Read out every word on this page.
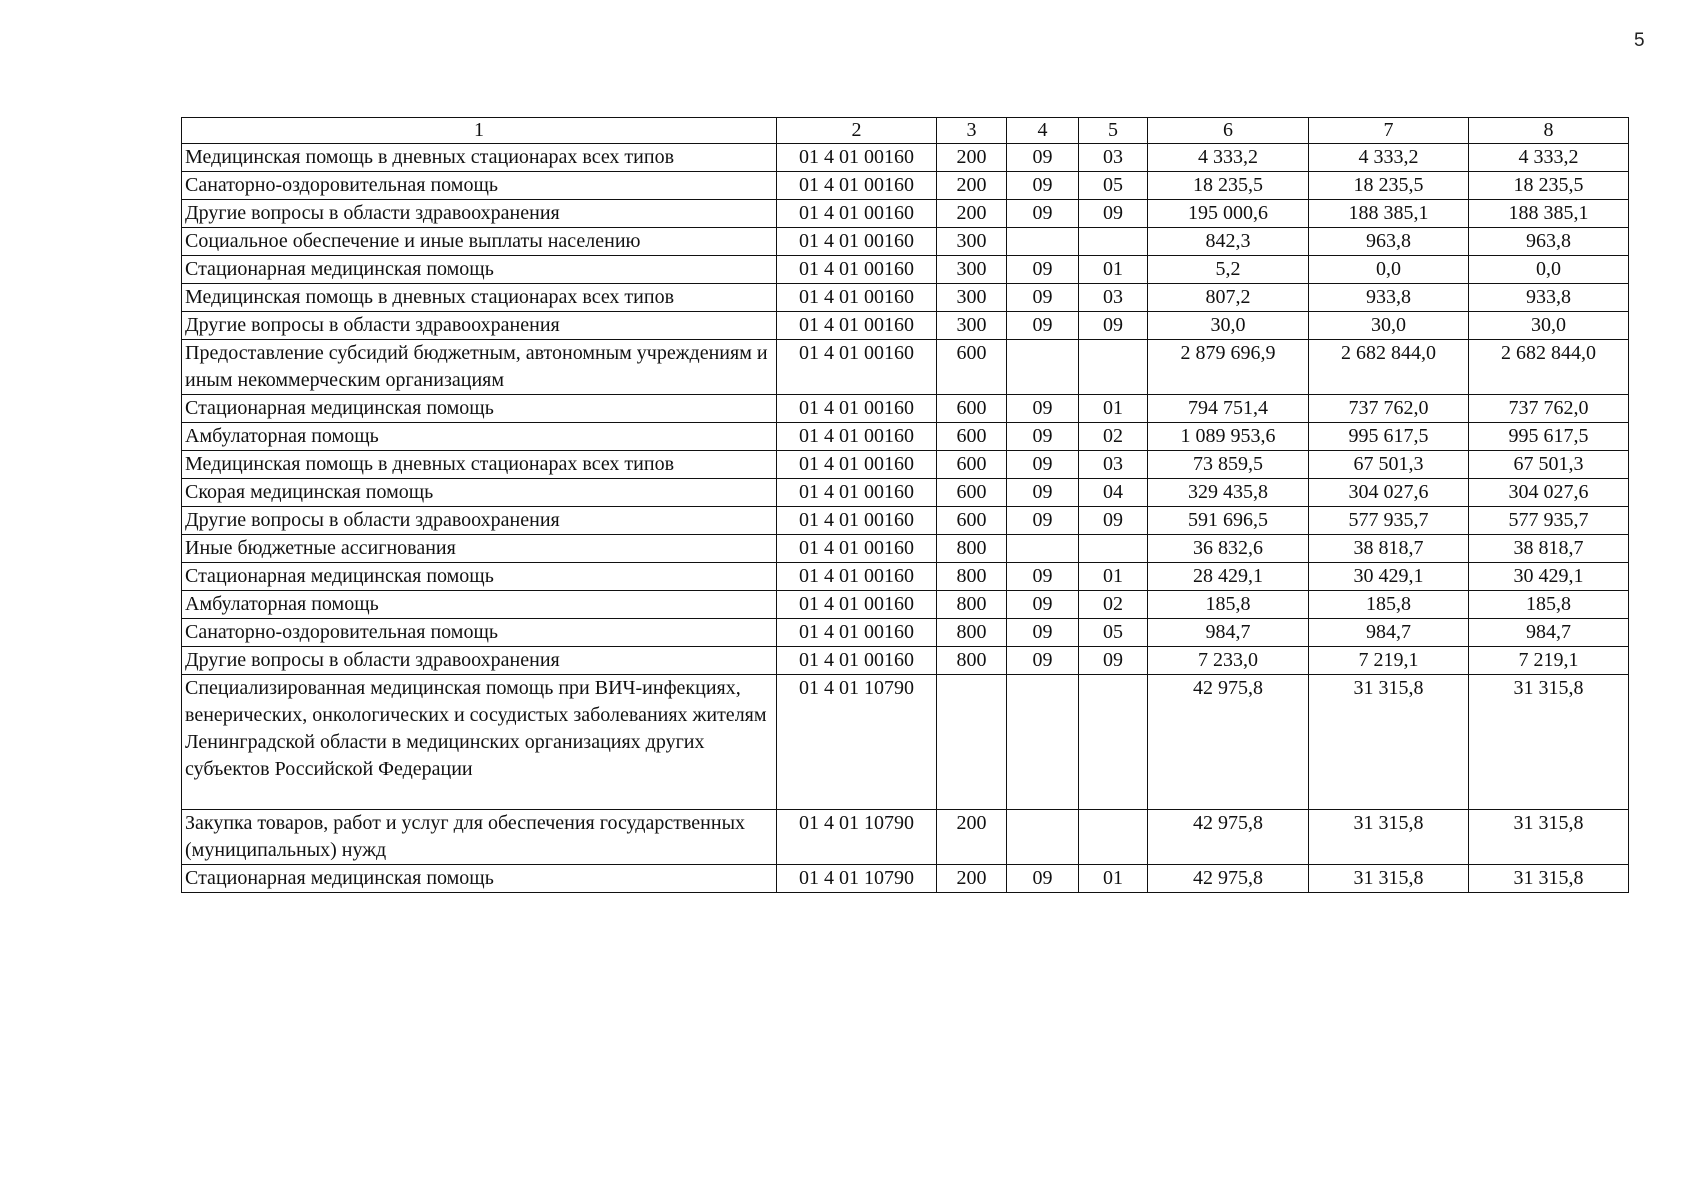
5
1	2	3	4	5	6	7	8
Медицинская помощь в дневных стационарах всех типов	01 4 01 00160	200	09	03	4 333,2	4 333,2	4 333,2
Санаторно-оздоровительная помощь	01 4 01 00160	200	09	05	18 235,5	18 235,5	18 235,5
Другие вопросы в области здравоохранения	01 4 01 00160	200	09	09	195 000,6	188 385,1	188 385,1
Социальное обеспечение и иные выплаты населению	01 4 01 00160	300			842,3	963,8	963,8
Стационарная медицинская помощь	01 4 01 00160	300	09	01	5,2	0,0	0,0
Медицинская помощь в дневных стационарах всех типов	01 4 01 00160	300	09	03	807,2	933,8	933,8
Другие вопросы в области здравоохранения	01 4 01 00160	300	09	09	30,0	30,0	30,0
Предоставление субсидий бюджетным, автономным учреждениям и иным некоммерческим организациям	01 4 01 00160	600			2 879 696,9	2 682 844,0	2 682 844,0
Стационарная медицинская помощь	01 4 01 00160	600	09	01	794 751,4	737 762,0	737 762,0
Амбулаторная помощь	01 4 01 00160	600	09	02	1 089 953,6	995 617,5	995 617,5
Медицинская помощь в дневных стационарах всех типов	01 4 01 00160	600	09	03	73 859,5	67 501,3	67 501,3
Скорая медицинская помощь	01 4 01 00160	600	09	04	329 435,8	304 027,6	304 027,6
Другие вопросы в области здравоохранения	01 4 01 00160	600	09	09	591 696,5	577 935,7	577 935,7
Иные бюджетные ассигнования	01 4 01 00160	800			36 832,6	38 818,7	38 818,7
Стационарная медицинская помощь	01 4 01 00160	800	09	01	28 429,1	30 429,1	30 429,1
Амбулаторная помощь	01 4 01 00160	800	09	02	185,8	185,8	185,8
Санаторно-оздоровительная помощь	01 4 01 00160	800	09	05	984,7	984,7	984,7
Другие вопросы в области здравоохранения	01 4 01 00160	800	09	09	7 233,0	7 219,1	7 219,1
Специализированная медицинская помощь при ВИЧ-инфекциях, венерических, онкологических и сосудистых заболеваниях жителям Ленинградской области в медицинских организациях других субъектов Российской Федерации	01 4 01 10790				42 975,8	31 315,8	31 315,8
Закупка товаров, работ и услуг для обеспечения государственных (муниципальных) нужд	01 4 01 10790	200			42 975,8	31 315,8	31 315,8
Стационарная медицинская помощь	01 4 01 10790	200	09	01	42 975,8	31 315,8	31 315,8
